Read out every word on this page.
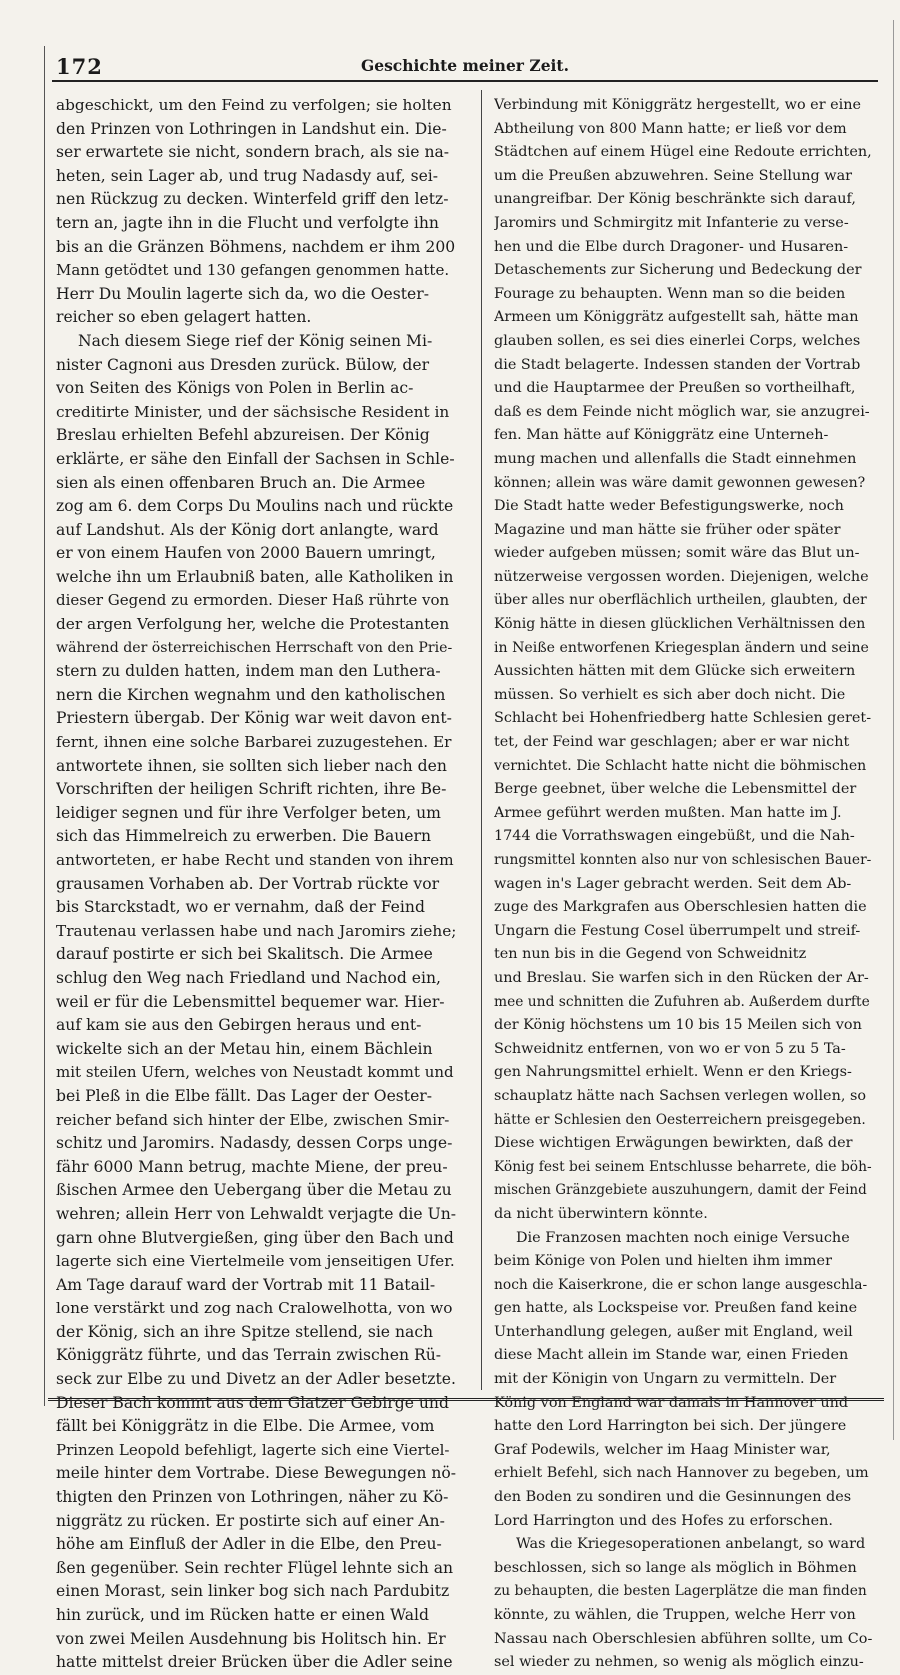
172	Geschichte meiner Zeit.
abgeschickt, um den Feind zu verfolgen; sie holten
den Prinzen von Lothringen in Landshut ein. Die-
ser erwartete sie nicht, sondern brach, als sie na-
heten, sein Lager ab, und trug Nadasdy auf, sei-
nen Rückzug zu decken. Winterfeld griff den letz-
tern an, jagte ihn in die Flucht und verfolgte ihn
bis an die Gränzen Böhmens, nachdem er ihm 200
Mann getödtet und 130 gefangen genommen hatte.
Herr Du Moulin lagerte sich da, wo die Oester-
reicher so eben gelagert hatten.
Nach diesem Siege rief der König seinen Mi-
nister Cagnoni aus Dresden zurück. Bülow, der
von Seiten des Königs von Polen in Berlin ac-
creditirte Minister, und der sächsische Resident in
Breslau erhielten Befehl abzureisen. Der König
erklärte, er sähe den Einfall der Sachsen in Schle-
sien als einen offenbaren Bruch an. Die Armee
zog am 6. dem Corps Du Moulins nach und rückte
auf Landshut. Als der König dort anlangte, ward
er von einem Haufen von 2000 Bauern umringt,
welche ihn um Erlaubniß baten, alle Katholiken in
dieser Gegend zu ermorden. Dieser Haß rührte von
der argen Verfolgung her, welche die Protestanten
während der österreichischen Herrschaft von den Prie-
stern zu dulden hatten, indem man den Luthera-
nern die Kirchen wegnahm und den katholischen
Priestern übergab. Der König war weit davon ent-
fernt, ihnen eine solche Barbarei zuzugestehen. Er
antwortete ihnen, sie sollten sich lieber nach den
Vorschriften der heiligen Schrift richten, ihre Be-
leidiger segnen und für ihre Verfolger beten, um
sich das Himmelreich zu erwerben. Die Bauern
antworteten, er habe Recht und standen von ihrem
grausamen Vorhaben ab. Der Vortrab rückte vor
bis Starckstadt, wo er vernahm, daß der Feind
Trautenau verlassen habe und nach Jaromirs ziehe;
darauf postirte er sich bei Skalitsch. Die Armee
schlug den Weg nach Friedland und Nachod ein,
weil er für die Lebensmittel bequemer war. Hier-
auf kam sie aus den Gebirgen heraus und ent-
wickelte sich an der Metau hin, einem Bächlein
mit steilen Ufern, welches von Neustadt kommt und
bei Pleß in die Elbe fällt. Das Lager der Oester-
reicher befand sich hinter der Elbe, zwischen Smir-
schitz und Jaromirs. Nadasdy, dessen Corps unge-
fähr 6000 Mann betrug, machte Miene, der preu-
ßischen Armee den Uebergang über die Metau zu
wehren; allein Herr von Lehwaldt verjagte die Un-
garn ohne Blutvergießen, ging über den Bach und
lagerte sich eine Viertelmeile vom jenseitigen Ufer.
Am Tage darauf ward der Vortrab mit 11 Batail-
lone verstärkt und zog nach Cralowelhotta, von wo
der König, sich an ihre Spitze stellend, sie nach
Königgrätz führte, und das Terrain zwischen Rü-
seck zur Elbe zu und Divetz an der Adler besetzte.
Dieser Bach kommt aus dem Glatzer Gebirge und
fällt bei Königgrätz in die Elbe. Die Armee, vom
Prinzen Leopold befehligt, lagerte sich eine Viertel-
meile hinter dem Vortrabe. Diese Bewegungen nö-
thigten den Prinzen von Lothringen, näher zu Kö-
niggrätz zu rücken. Er postirte sich auf einer An-
höhe am Einfluß der Adler in die Elbe, den Preu-
ßen gegenüber. Sein rechter Flügel lehnte sich an
einen Morast, sein linker bog sich nach Pardubitz
hin zurück, und im Rücken hatte er einen Wald
von zwei Meilen Ausdehnung bis Holitsch hin. Er
hatte mittelst dreier Brücken über die Adler seine
Verbindung mit Königgrätz hergestellt, wo er eine
Abtheilung von 800 Mann hatte; er ließ vor dem
Städtchen auf einem Hügel eine Redoute errichten,
um die Preußen abzuwehren. Seine Stellung war
unangreifbar. Der König beschränkte sich darauf,
Jaromirs und Schmirgitz mit Infanterie zu verse-
hen und die Elbe durch Dragoner- und Husaren-
Detaschements zur Sicherung und Bedeckung der
Fourage zu behaupten. Wenn man so die beiden
Armeen um Königgrätz aufgestellt sah, hätte man
glauben sollen, es sei dies einerlei Corps, welches
die Stadt belagerte. Indessen standen der Vortrab
und die Hauptarmee der Preußen so vortheilhaft,
daß es dem Feinde nicht möglich war, sie anzugrei-
fen. Man hätte auf Königgrätz eine Unterneh-
mung machen und allenfalls die Stadt einnehmen
können; allein was wäre damit gewonnen gewesen?
Die Stadt hatte weder Befestigungswerke, noch
Magazine und man hätte sie früher oder später
wieder aufgeben müssen; somit wäre das Blut un-
nützerweise vergossen worden. Diejenigen, welche
über alles nur oberflächlich urtheilen, glaubten, der
König hätte in diesen glücklichen Verhältnissen den
in Neiße entworfenen Kriegesplan ändern und seine
Aussichten hätten mit dem Glücke sich erweitern
müssen. So verhielt es sich aber doch nicht. Die
Schlacht bei Hohenfriedberg hatte Schlesien geret-
tet, der Feind war geschlagen; aber er war nicht
vernichtet. Die Schlacht hatte nicht die böhmischen
Berge geebnet, über welche die Lebensmittel der
Armee geführt werden mußten. Man hatte im J.
1744 die Vorrathswagen eingebüßt, und die Nah-
rungsmittel konnten also nur von schlesischen Bauer-
wagen in's Lager gebracht werden. Seit dem Ab-
zuge des Markgrafen aus Oberschlesien hatten die
Ungarn die Festung Cosel überrumpelt und streif-
ten nun bis in die Gegend von Schweidnitz
und Breslau. Sie warfen sich in den Rücken der Ar-
mee und schnitten die Zufuhren ab. Außerdem durfte
der König höchstens um 10 bis 15 Meilen sich von
Schweidnitz entfernen, von wo er von 5 zu 5 Ta-
gen Nahrungsmittel erhielt. Wenn er den Kriegs-
schauplatz hätte nach Sachsen verlegen wollen, so
hätte er Schlesien den Oesterreichern preisgegeben.
Diese wichtigen Erwägungen bewirkten, daß der
König fest bei seinem Entschlusse beharrete, die böh-
mischen Gränzgebiete auszuhungern, damit der Feind
da nicht überwintern könnte.
Die Franzosen machten noch einige Versuche
beim Könige von Polen und hielten ihm immer
noch die Kaiserkrone, die er schon lange ausgeschla-
gen hatte, als Lockspeise vor. Preußen fand keine
Unterhandlung gelegen, außer mit England, weil
diese Macht allein im Stande war, einen Frieden
mit der Königin von Ungarn zu vermitteln. Der
König von England war damals in Hannover und
hatte den Lord Harrington bei sich. Der jüngere
Graf Podewils, welcher im Haag Minister war,
erhielt Befehl, sich nach Hannover zu begeben, um
den Boden zu sondiren und die Gesinnungen des
Lord Harrington und des Hofes zu erforschen.
Was die Kriegesoperationen anbelangt, so ward
beschlossen, sich so lange als möglich in Böhmen
zu behaupten, die besten Lagerplätze die man finden
könnte, zu wählen, die Truppen, welche Herr von
Nassau nach Oberschlesien abführen sollte, um Co-
sel wieder zu nehmen, so wenig als möglich einzu-
